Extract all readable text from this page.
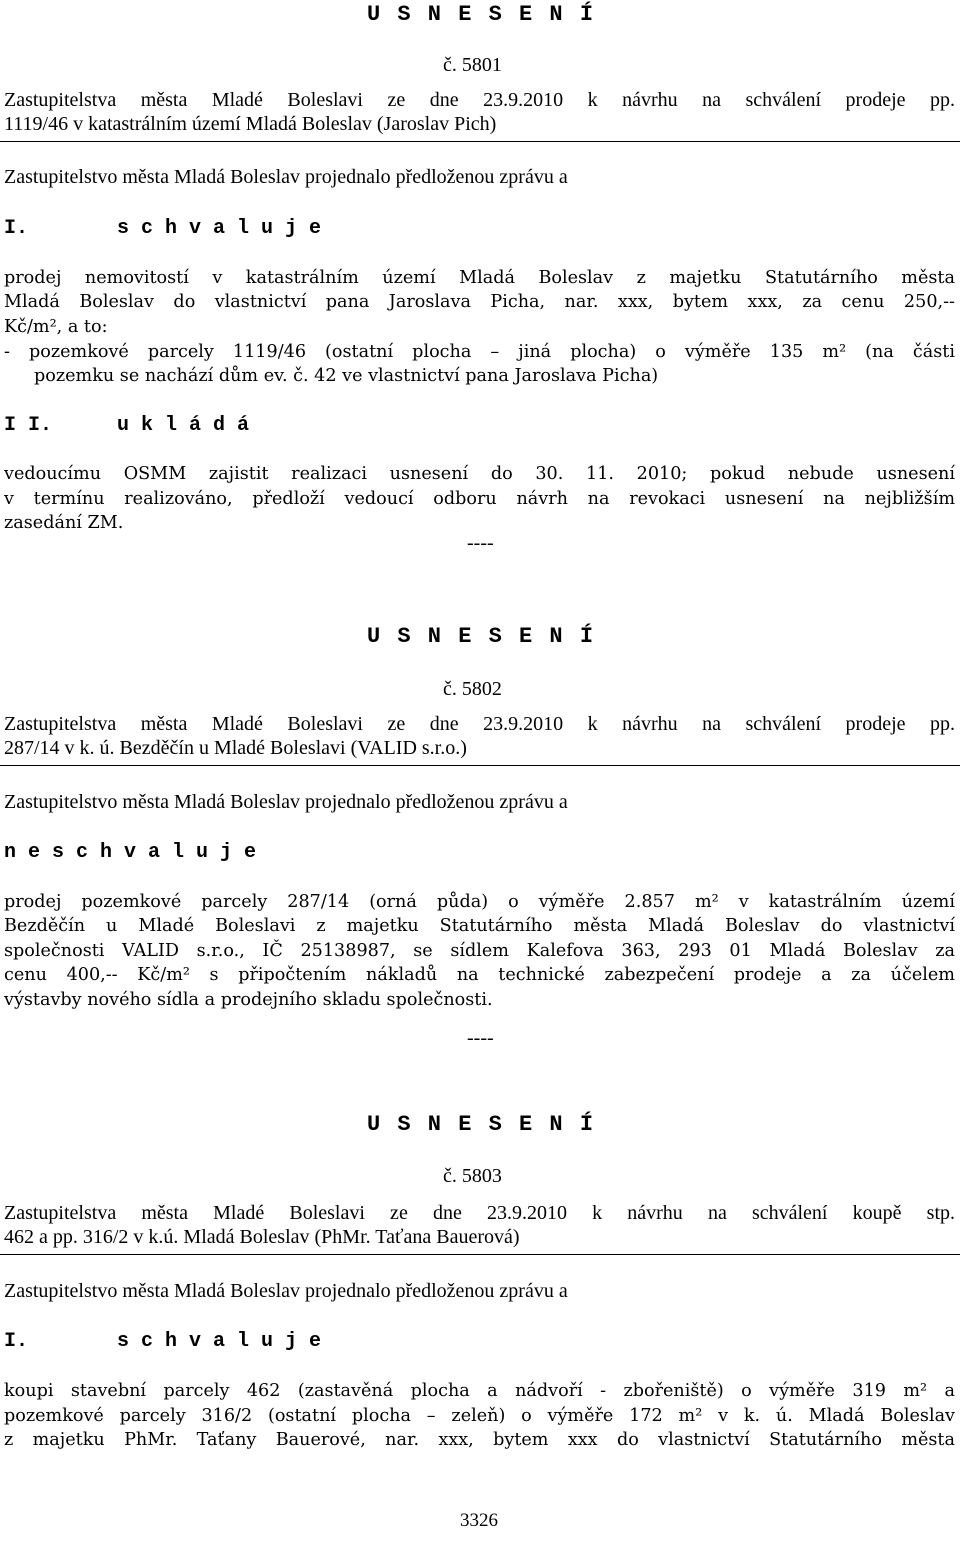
U S N E S E N Í
č. 5801
Zastupitelstva města Mladé Boleslavi ze dne 23.9.2010 k návrhu na schválení prodeje pp.
1119/46 v katastrálním území Mladá Boleslav (Jaroslav Pich)
Zastupitelstvo města Mladá Boleslav projednalo předloženou zprávu a
I.	s c h v a l u j e
prodej nemovitostí v katastrálním území Mladá Boleslav z majetku Statutárního města
Mladá Boleslav do vlastnictví pana Jaroslava Picha, nar. xxx, bytem xxx, za cenu 250,--
Kč/m², a to:
- pozemkové parcely 1119/46 (ostatní plocha – jiná plocha) o výměře 135 m² (na části
pozemku se nachází dům ev. č. 42 ve vlastnictví pana Jaroslava Picha)
I I.	u k l á d á
vedoucímu OSMM zajistit realizaci usnesení do 30. 11. 2010; pokud nebude usnesení
v termínu realizováno, předloží vedoucí odboru návrh na revokaci usnesení na nejbližším
zasedání ZM.
----
U S N E S E N Í
č. 5802
Zastupitelstva města Mladé Boleslavi ze dne 23.9.2010 k návrhu na schválení prodeje pp.
287/14 v k. ú. Bezděčín u Mladé Boleslavi (VALID s.r.o.)
Zastupitelstvo města Mladá Boleslav projednalo předloženou zprávu a
n e s c h v a l u j e
prodej pozemkové parcely 287/14 (orná půda) o výměře 2.857 m² v katastrálním území
Bezděčín u Mladé Boleslavi z majetku Statutárního města Mladá Boleslav do vlastnictví
společnosti VALID s.r.o., IČ 25138987, se sídlem Kalefova 363, 293 01 Mladá Boleslav za
cenu 400,-- Kč/m² s připočtením nákladů na technické zabezpečení prodeje a za účelem
výstavby nového sídla a prodejního skladu společnosti.
----
U S N E S E N Í
č. 5803
Zastupitelstva města Mladé Boleslavi ze dne 23.9.2010 k návrhu na schválení koupě stp.
462 a pp. 316/2 v k.ú. Mladá Boleslav (PhMr. Taťana Bauerová)
Zastupitelstvo města Mladá Boleslav projednalo předloženou zprávu a
I.	s c h v a l u j e
koupi stavební parcely 462 (zastavěná plocha a nádvoří - zbořeniště) o výměře 319 m² a
pozemkové parcely 316/2 (ostatní plocha – zeleň) o výměře 172 m² v k. ú. Mladá Boleslav
z majetku PhMr. Taťany Bauerové, nar. xxx, bytem xxx do vlastnictví Statutárního města
3326
